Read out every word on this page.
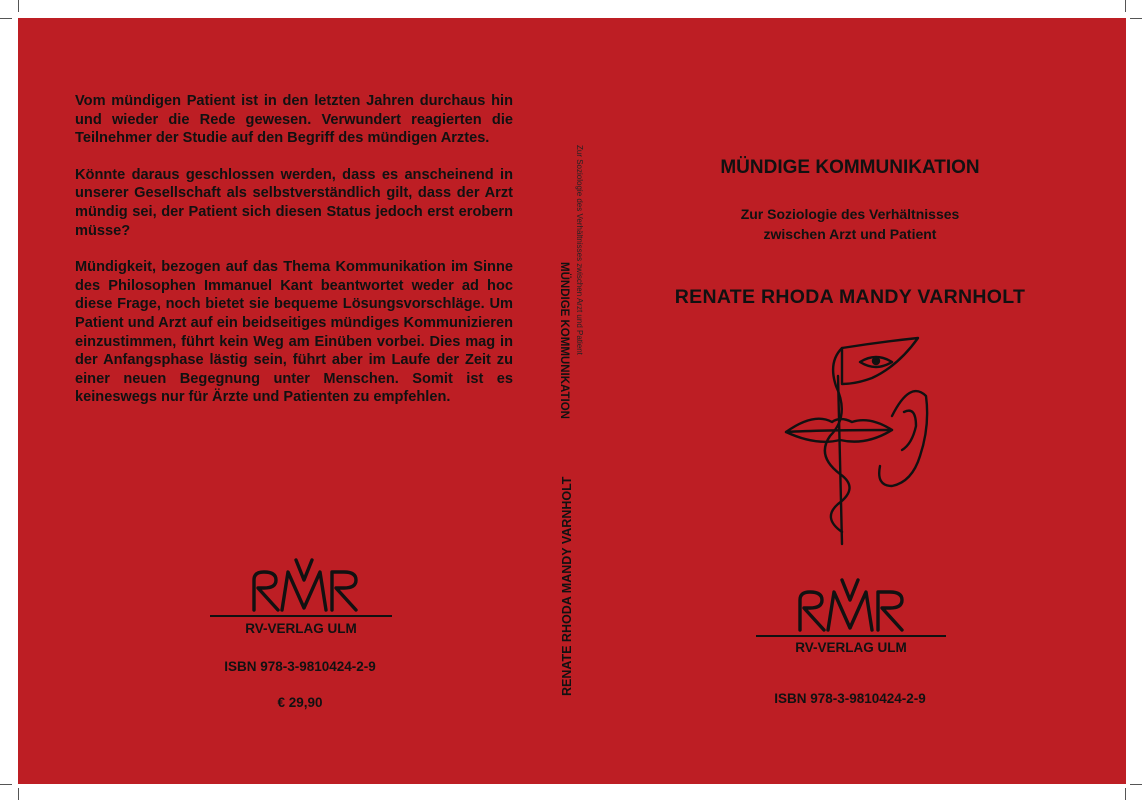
Vom mündigen Patient ist in den letzten Jahren durchaus hin und wieder die Rede gewesen. Verwundert reagierten die Teilnehmer der Studie auf den Begriff des mündigen Arztes.

Könnte daraus geschlossen werden, dass es anscheinend in unserer Gesellschaft als selbstverständlich gilt, dass der Arzt mündig sei, der Patient sich diesen Status jedoch erst erobern müsse?

Mündigkeit, bezogen auf das Thema Kommunikation im Sinne des Philosophen Immanuel Kant beantwortet weder ad hoc diese Frage, noch bietet sie bequeme Lösungsvorschläge. Um Patient und Arzt auf ein beidseitiges mündiges Kommunizieren einzustimmen, führt kein Weg am Einüben vorbei. Dies mag in der Anfangsphase lästig sein, führt aber im Laufe der Zeit zu einer neuen Begegnung unter Menschen. Somit ist es keineswegs nur für Ärzte und Patienten zu empfehlen.

RVR
RV-VERLAG ULM
ISBN 978-3-9810424-2-9
€ 29,90
MÜNDIGE KOMMUNIKATION Zur Soziologie des Verhältnisses zwischen Arzt und Patient
RENATE RHODA MANDY VARNHOLT
MÜNDIGE KOMMUNIKATION
Zur Soziologie des Verhältnisses
zwischen Arzt und Patient
RENATE RHODA MANDY VARNHOLT
RVR
RV-VERLAG ULM
ISBN 978-3-9810424-2-9
